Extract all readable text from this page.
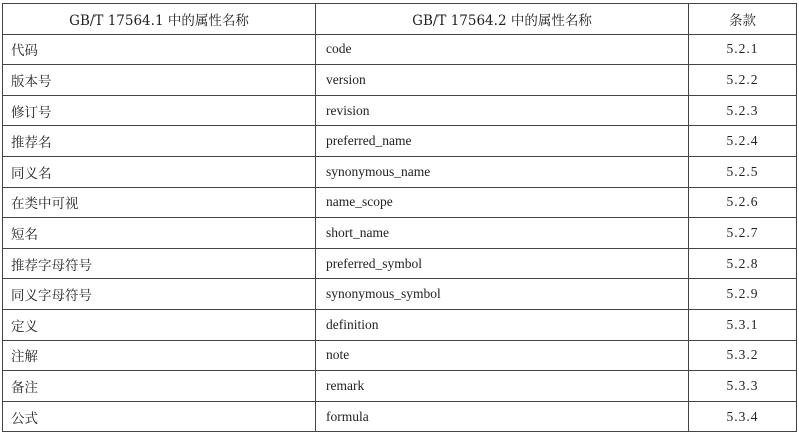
GB/T 17564.1 中的属性名称	GB/T 17564.2 中的属性名称	条款
代码	code	5.2.1
版本号	version	5.2.2
修订号	revision	5.2.3
推荐名	preferred_name	5.2.4
同义名	synonymous_name	5.2.5
在类中可视	name_scope	5.2.6
短名	short_name	5.2.7
推荐字母符号	preferred_symbol	5.2.8
同义字母符号	synonymous_symbol	5.2.9
定义	definition	5.3.1
注解	note	5.3.2
备注	remark	5.3.3
公式	formula	5.3.4
